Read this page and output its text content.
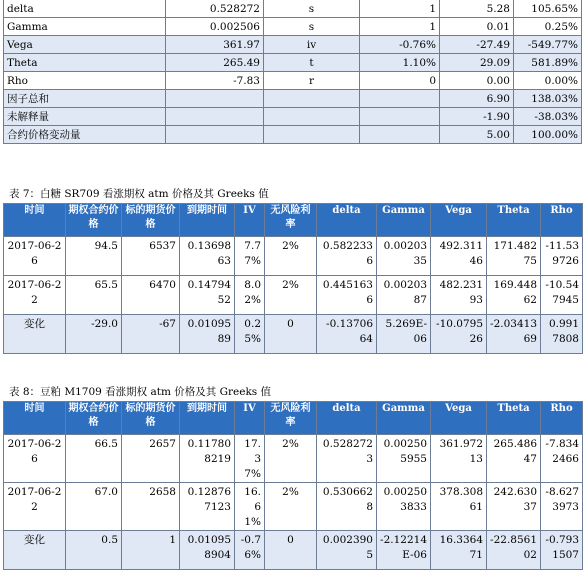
delta	0.528272	s	1	5.28	105.65%
Gamma	0.002506	s	1	0.01	0.25%
Vega	361.97	iv	-0.76%	-27.49	-549.77%
Theta	265.49	t	1.10%	29.09	581.89%
Rho	-7.83	r	0	0.00	0.00%
因子总和				6.90	138.03%
未解释量				-1.90	-38.03%
合约价格变动量				5.00	100.00%
表 7：白糖 SR709 看涨期权 atm 价格及其 Greeks 值
时间	期权合约价格	标的期货价格	到期时间	IV	无风险利率	delta	Gamma	Vega	Theta	Rho
2017-06-26	94.5	6537	0.1369863	7.77%	2%	0.5822336	0.0020335	492.31146	171.48275	-11.539726
2017-06-22	65.5	6470	0.1479452	8.02%	2%	0.4451636	0.0020387	482.23193	169.44862	-10.547945
变化	-29.0	-67	0.0109589	0.25%	0	-0.1370664	5.269E-06	-10.079526	-2.0341369	0.9917808
表 8：豆粕 M1709 看涨期权 atm 价格及其 Greeks 值
时间	期权合约价格	标的期货价格	到期时间	IV	无风险利率	delta	Gamma	Vega	Theta	Rho
2017-06-26	66.5	2657	0.117808219	17.37%	2%	0.5282723	0.002505955	361.97213	265.48647	-7.8342466
2017-06-22	67.0	2658	0.128767123	16.61%	2%	0.5306628	0.002503833	378.30861	242.63037	-8.6273973
变化	0.5	1	0.010958904	-0.76%	0	0.0023905	-2.12214E-06	16.336471	-22.856102	-0.7931507
